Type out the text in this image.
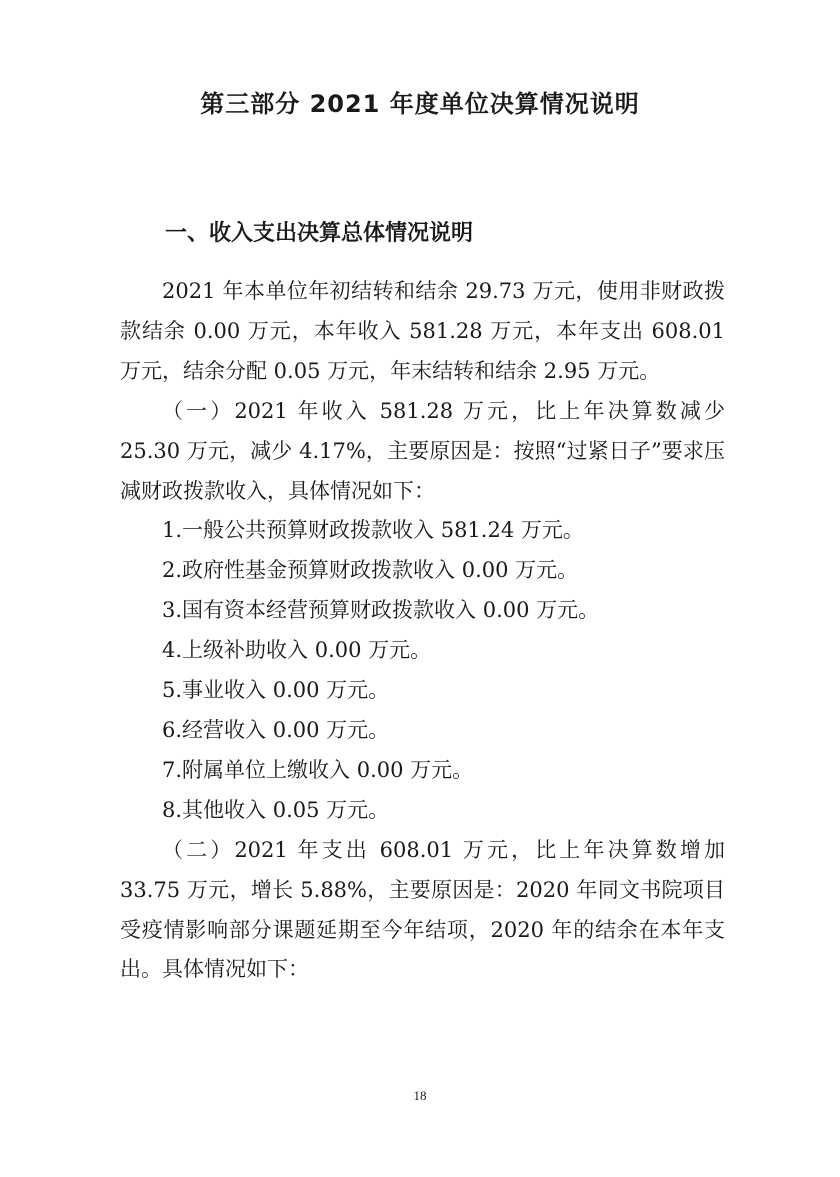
第三部分 2021 年度单位决算情况说明
一、收入支出决算总体情况说明

2021 年本单位年初结转和结余 29.73 万元，使用非财政拨款结余 0.00 万元，本年收入 581.28 万元，本年支出 608.01 万元，结余分配 0.05 万元，年末结转和结余 2.95 万元。

（一）2021 年收入 581.28 万元，比上年决算数减少 25.30 万元，减少 4.17%，主要原因是：按照“过紧日子”要求压减财政拨款收入，具体情况如下：

1.一般公共预算财政拨款收入 581.24 万元。

2.政府性基金预算财政拨款收入 0.00 万元。

3.国有资本经营预算财政拨款收入 0.00 万元。

4.上级补助收入 0.00 万元。

5.事业收入 0.00 万元。

6.经营收入 0.00 万元。

7.附属单位上缴收入 0.00 万元。

8.其他收入 0.05 万元。

（二）2021 年支出 608.01 万元，比上年决算数增加 33.75 万元，增长 5.88%，主要原因是：2020 年同文书院项目受疫情影响部分课题延期至今年结项，2020 年的结余在本年支出。具体情况如下：

18
